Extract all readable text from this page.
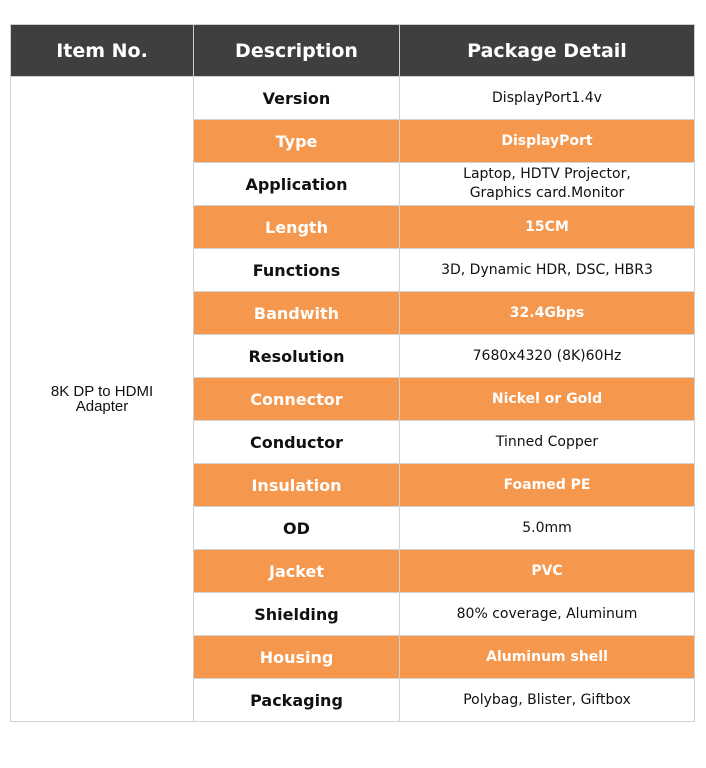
Item No.	Description	Package Detail
8K DP to HDMI
Adapter	Version	DisplayPort1.4v
	Type	DisplayPort
	Application	Laptop, HDTV Projector,
Graphics card.Monitor

	Length	15CM
	Functions	3D, Dynamic HDR, DSC, HBR3
	Bandwith	32.4Gbps
	Resolution	7680x4320 (8K)60Hz
	Connector	Nickel or Gold
	Conductor	Tinned Copper
	Insulation	Foamed PE
	OD	5.0mm
	Jacket	PVC
	Shielding	80% coverage, Aluminum
	Housing	Aluminum shell
	Packaging	Polybag, Blister, Giftbox
